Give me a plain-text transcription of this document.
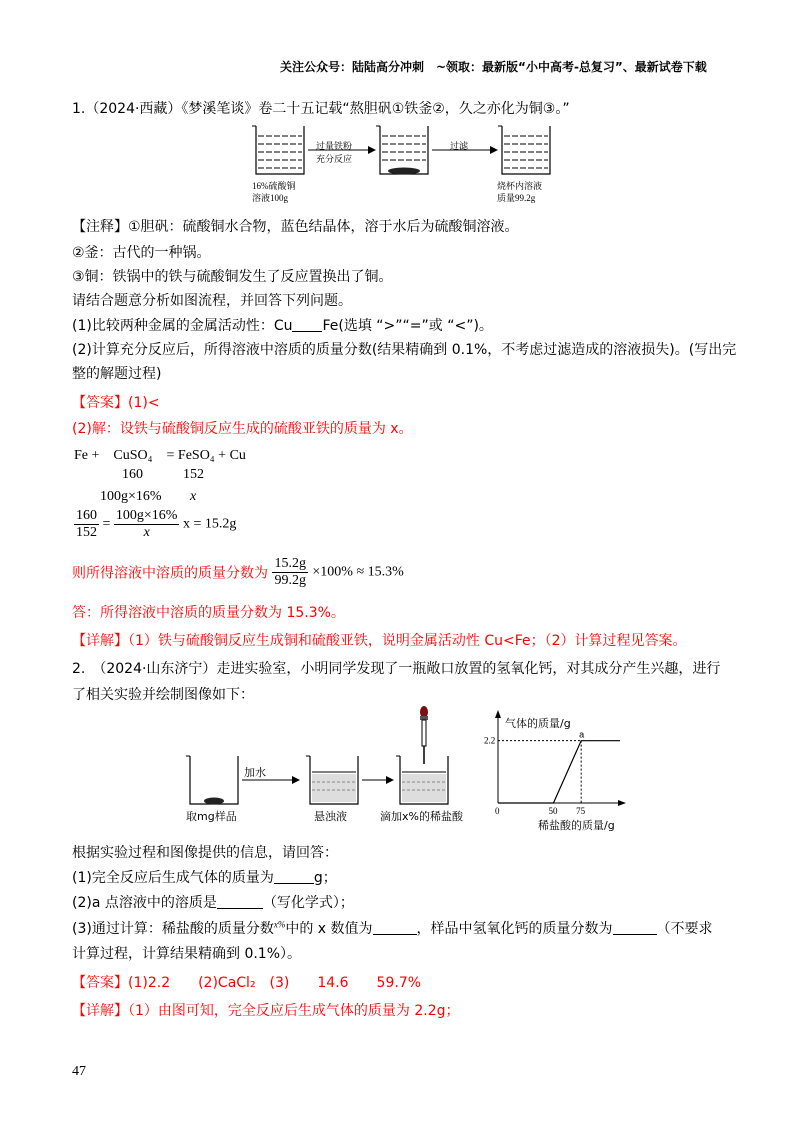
关注公众号：陆陆高分冲刺　~领取：最新版“小中高考-总复习”、最新试卷下载
1.（2024·西藏）《梦溪笔谈》卷二十五记载“熬胆矾①铁釜②，久之亦化为铜③。”
过量铁粉
充分反应
过滤
16%硫酸铜
溶液100g
烧杯内溶液
质量99.2g
【注释】①胆矾：硫酸铜水合物，蓝色结晶体，溶于水后为硫酸铜溶液。
②釜：古代的一种锅。
③铜：铁锅中的铁与硫酸铜发生了反应置换出了铜。
请结合题意分析如图流程，并回答下列问题。
(1)比较两种金属的金属活动性：Cu Fe(选填 “>”“=”或 “<”)。
(2)计算充分反应后，所得溶液中溶质的质量分数(结果精确到 0.1%，不考虑过滤造成的溶液损失)。(写出完
整的解题过程)
【答案】(1)<
(2)解：设铁与硫酸铜反应生成的硫酸亚铁的质量为 x。
Fe +　CuSO₄　= FeSO₄ + Cu
160	152
100g×16% x
$\frac{160}{152} = \frac{100g\times 16\%}{x}$ x = 15.2g
则所得溶液中溶质的质量分数为 $\frac{15.2g}{99.2g} \times 100\% \approx 15.3\%$
答：所得溶液中溶质的质量分数为 15.3%。
【详解】（1）铁与硫酸铜反应生成铜和硫酸亚铁，说明金属活动性 Cu<Fe；（2）计算过程见答案。
2.　（2024·山东济宁）走进实验室，小明同学发现了一瓶敞口放置的氢氧化钙，对其成分产生兴趣，进行
了相关实验并绘制图像如下：
加水
取mg样品	悬浊液	滴加x%的稀盐酸
a
2.2
0	50 75
气体的质量/g
稀盐酸的质量/g
根据实验过程和图像提供的信息，请回答：
(1)完全反应后生成气体的质量为	g；
(2)a 点溶液中的溶质是	（写化学式）；
(3)通过计算：稀盐酸的质量分数$^{x\%}$中的 x 数值为	，样品中氢氧化钙的质量分数为	（不要求
计算过程，计算结果精确到 0.1%）。
【答案】(1)2.2　　(2)CaCl₂　(3)　　14.6　　59.7%
【详解】（1）由图可知，完全反应后生成气体的质量为 2.2g；
47
